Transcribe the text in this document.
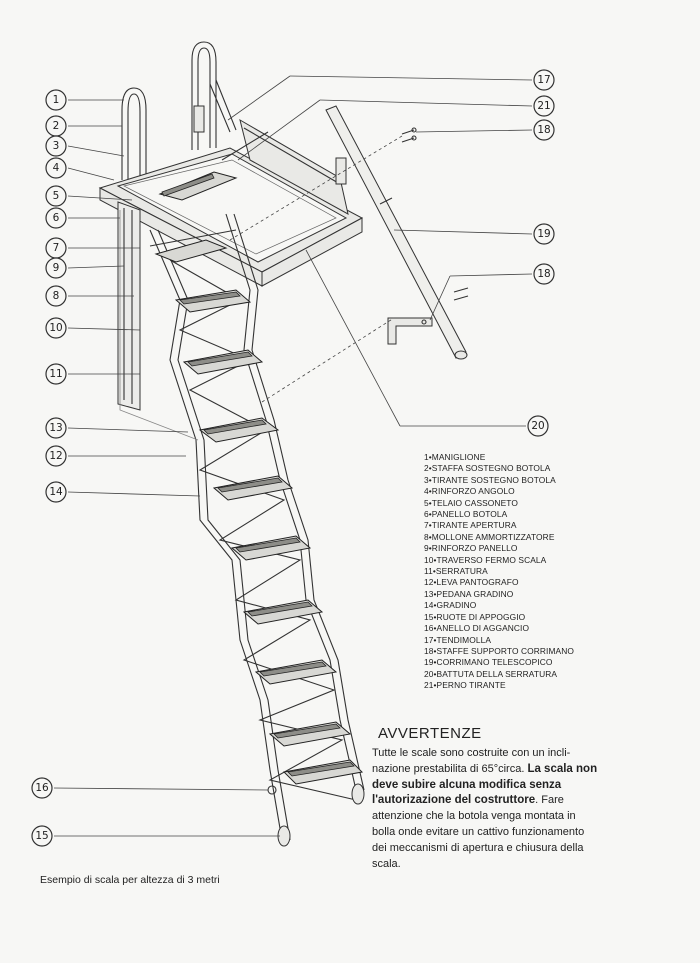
1
2
3
4
5
6
7
9
8
10
11
13
12
14
16
15
17
21
18
19
18
20
1•MANIGLIONE
2•STAFFA SOSTEGNO BOTOLA
3•TIRANTE SOSTEGNO BOTOLA
4•RINFORZO ANGOLO
5•TELAIO CASSONETO
6•PANELLO BOTOLA
7•TIRANTE APERTURA
8•MOLLONE AMMORTIZZATORE
9•RINFORZO PANELLO
10•TRAVERSO FERMO SCALA
11•SERRATURA
12•LEVA PANTOGRAFO
13•PEDANA GRADINO
14•GRADINO
15•RUOTE DI APPOGGIO
16•ANELLO DI AGGANCIO
17•TENDIMOLLA
18•STAFFE SUPPORTO CORRIMANO
19•CORRIMANO TELESCOPICO
20•BATTUTA DELLA SERRATURA
21•PERNO TIRANTE
AVVERTENZE

Tutte le scale sono costruite con un incli-nazione prestabilita di 65°circa. La scala non deve subire alcuna modifica senza l'autorizazione del costruttore. Fare attenzione che la botola venga montata in bolla onde evitare un cattivo funzionamento dei meccanismi di apertura e chiusura della scala.

Esempio di scala per altezza di 3 metri
